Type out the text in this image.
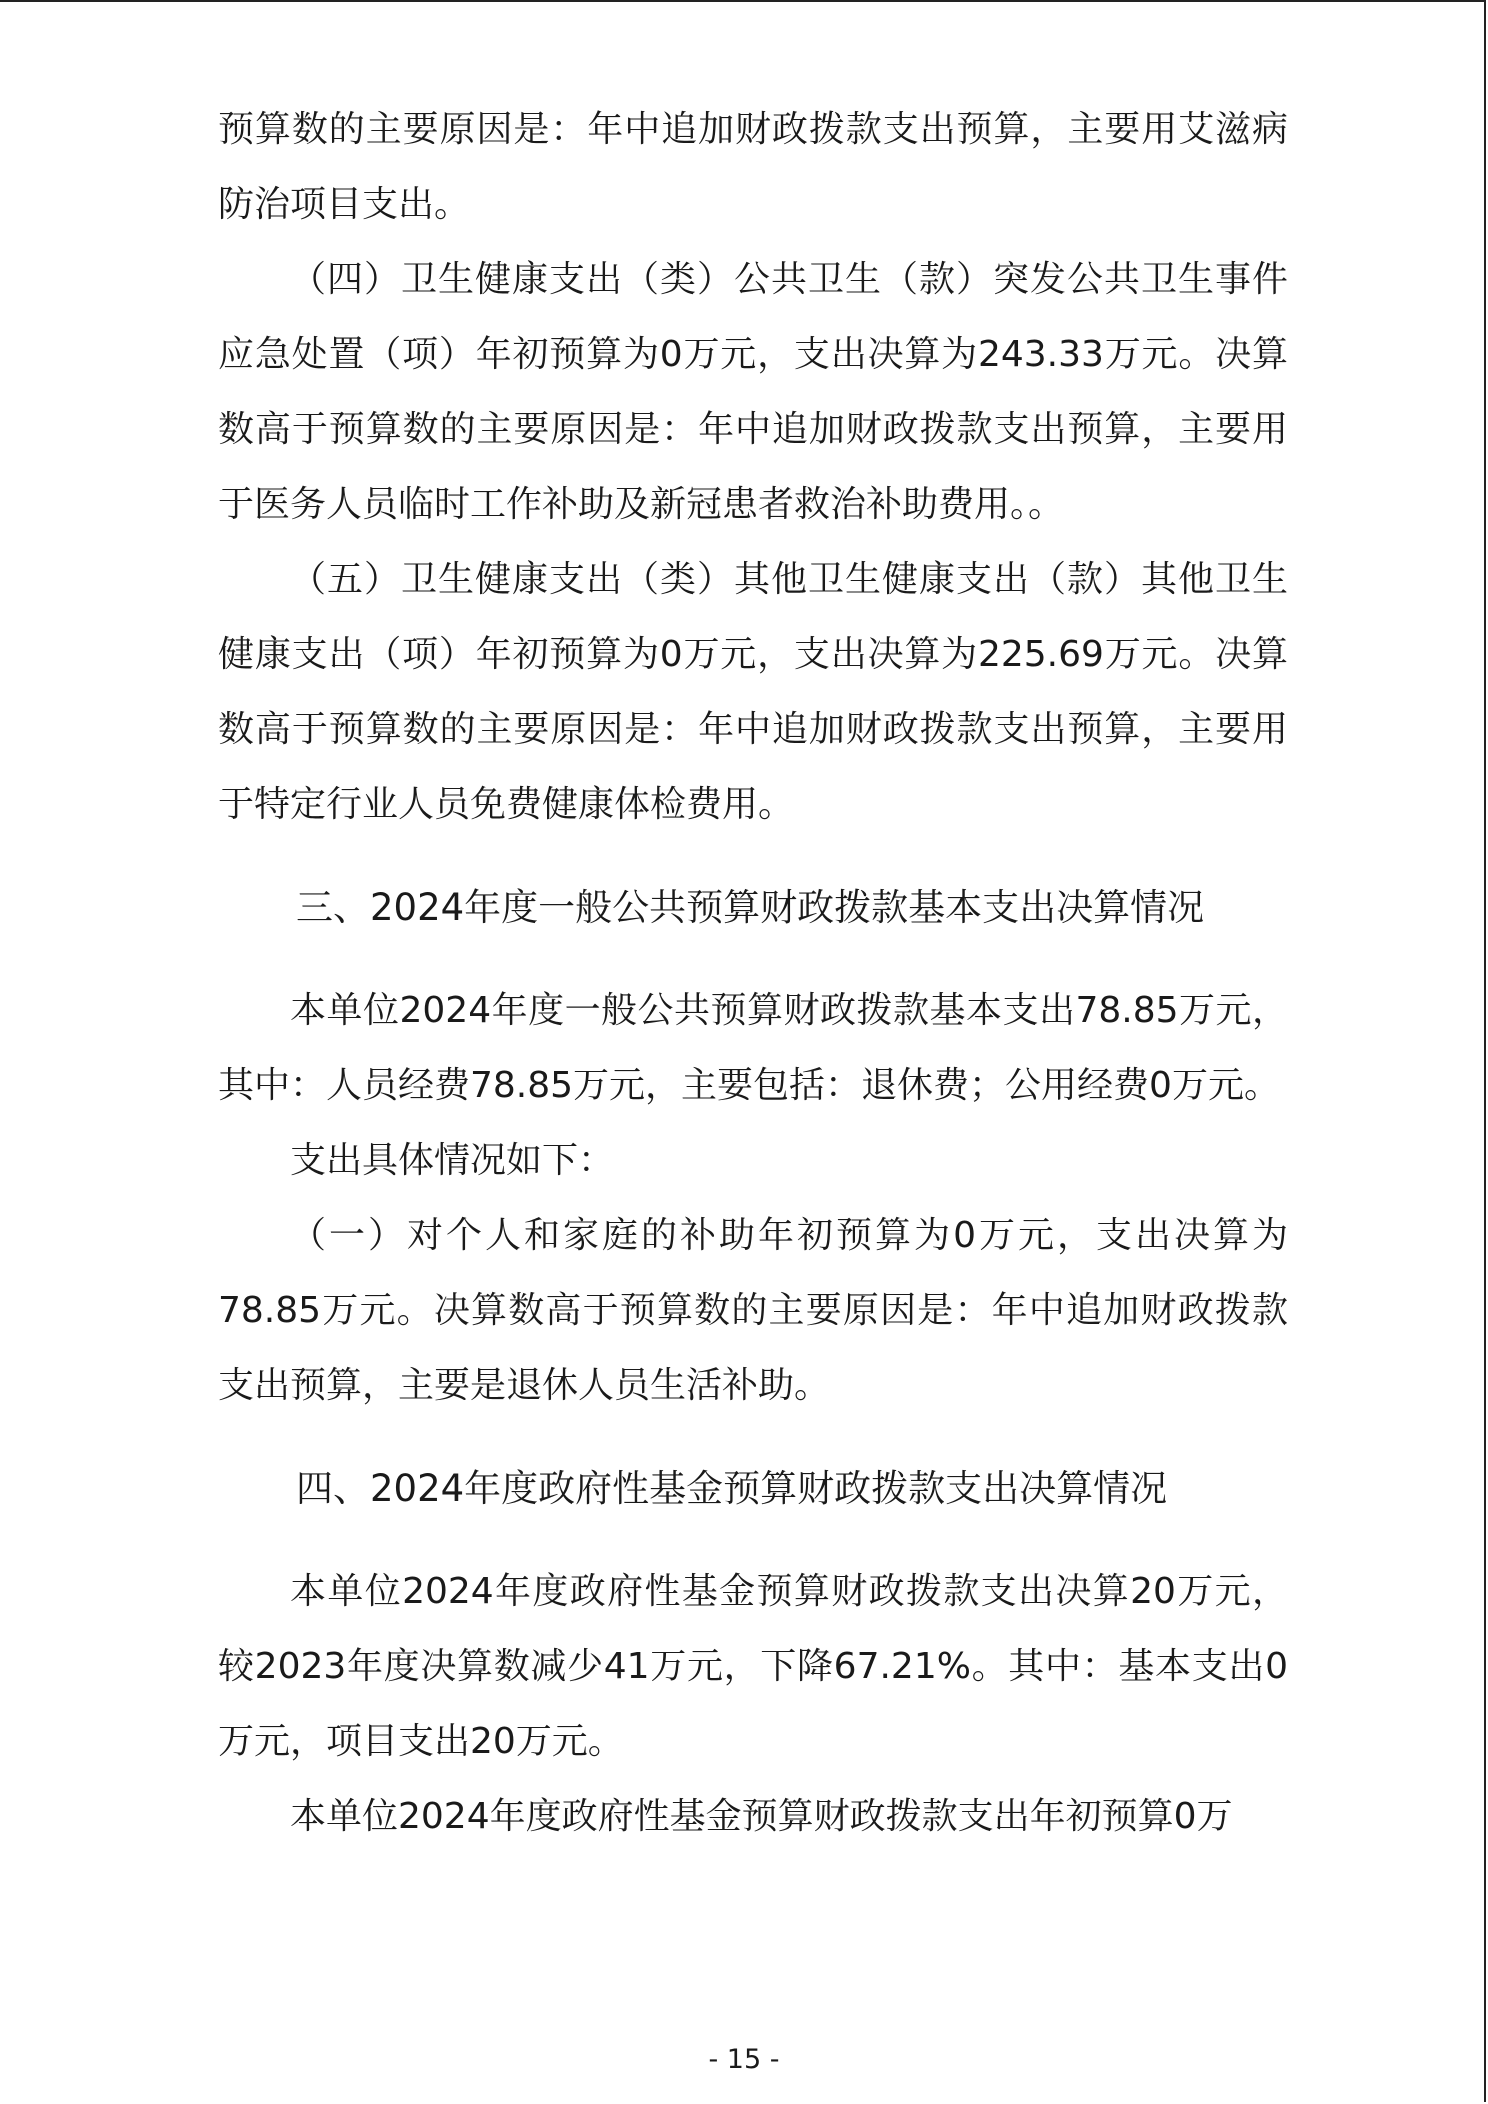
预算数的主要原因是：年中追加财政拨款支出预算，主要用艾滋病防治项目支出。

（四）卫生健康支出（类）公共卫生（款）突发公共卫生事件应急处置（项）年初预算为0万元，支出决算为243.33万元。决算数高于预算数的主要原因是：年中追加财政拨款支出预算，主要用于医务人员临时工作补助及新冠患者救治补助费用。。

（五）卫生健康支出（类）其他卫生健康支出（款）其他卫生健康支出（项）年初预算为0万元，支出决算为225.69万元。决算数高于预算数的主要原因是：年中追加财政拨款支出预算，主要用于特定行业人员免费健康体检费用。

三、2024年度一般公共预算财政拨款基本支出决算情况

本单位2024年度一般公共预算财政拨款基本支出78.85万元，其中：人员经费78.85万元，主要包括：退休费；公用经费0万元。

支出具体情况如下：

（一）对个人和家庭的补助年初预算为0万元，支出决算为78.85万元。决算数高于预算数的主要原因是：年中追加财政拨款支出预算，主要是退休人员生活补助。

四、2024年度政府性基金预算财政拨款支出决算情况

本单位2024年度政府性基金预算财政拨款支出决算20万元，较2023年度决算数减少41万元，下降67.21%。其中：基本支出0万元，项目支出20万元。

本单位2024年度政府性基金预算财政拨款支出年初预算0万

- 15 -
